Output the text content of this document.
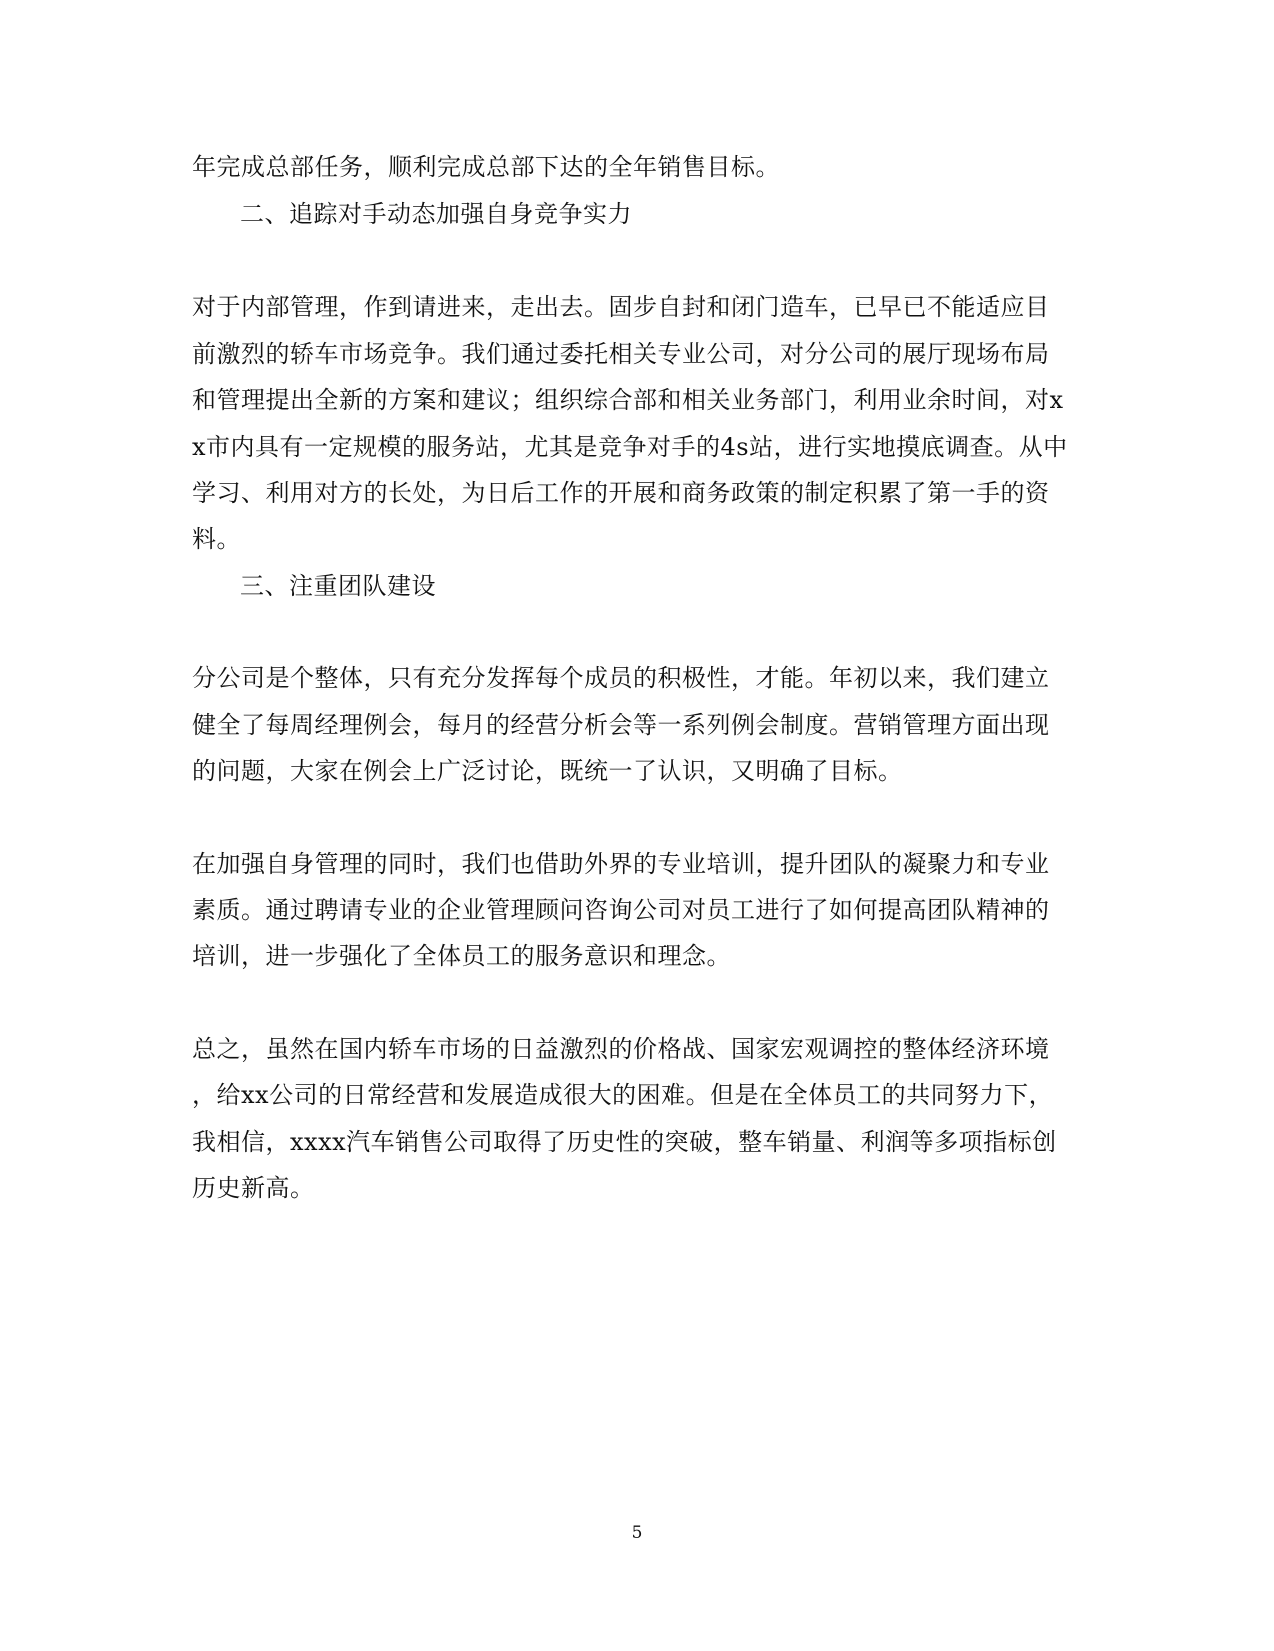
年完成总部任务，顺利完成总部下达的全年销售目标。
二、追踪对手动态加强自身竞争实力
对于内部管理，作到请进来，走出去。固步自封和闭门造车，已早已不能适应目
前激烈的轿车市场竞争。我们通过委托相关专业公司，对分公司的展厅现场布局
和管理提出全新的方案和建议；组织综合部和相关业务部门，利用业余时间，对x
x市内具有一定规模的服务站，尤其是竞争对手的4s站，进行实地摸底调查。从中
学习、利用对方的长处，为日后工作的开展和商务政策的制定积累了第一手的资
料。
三、注重团队建设
分公司是个整体，只有充分发挥每个成员的积极性，才能。年初以来，我们建立
健全了每周经理例会，每月的经营分析会等一系列例会制度。营销管理方面出现
的问题，大家在例会上广泛讨论，既统一了认识，又明确了目标。
在加强自身管理的同时，我们也借助外界的专业培训，提升团队的凝聚力和专业
素质。通过聘请专业的企业管理顾问咨询公司对员工进行了如何提高团队精神的
培训，进一步强化了全体员工的服务意识和理念。
总之，虽然在国内轿车市场的日益激烈的价格战、国家宏观调控的整体经济环境
，给xx公司的日常经营和发展造成很大的困难。但是在全体员工的共同努力下，
我相信，xxxx汽车销售公司取得了历史性的突破，整车销量、利润等多项指标创
历史新高。
5
